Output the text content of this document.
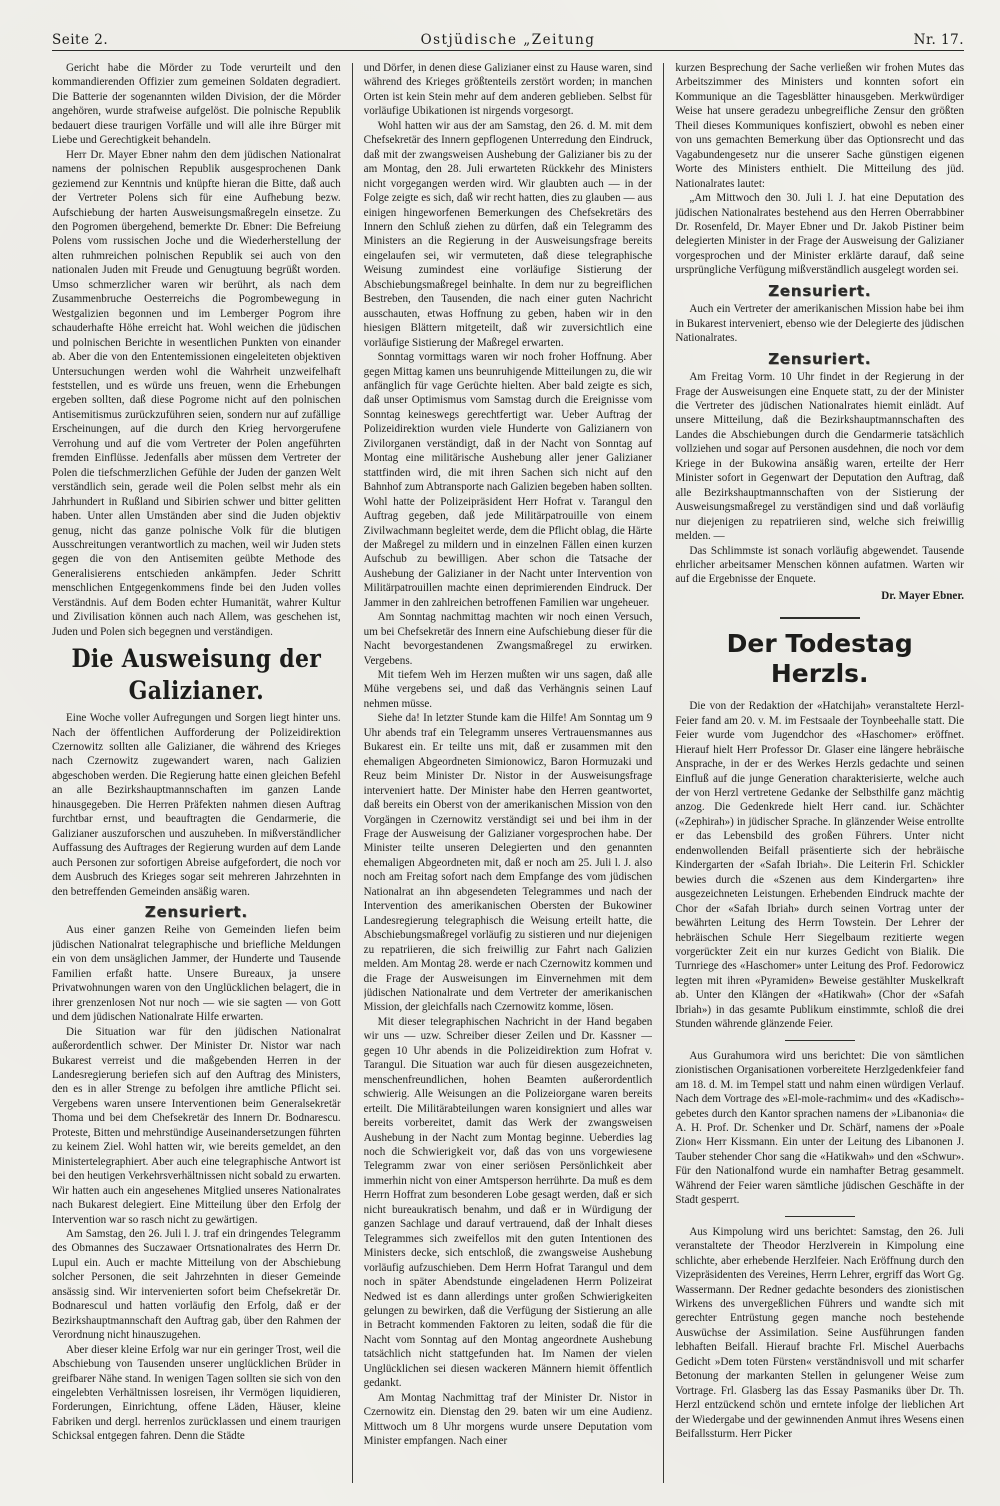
Seite 2.	Ostjüdische „Zeitung	Nr. 17.

Gericht habe die Mörder zu Tode verurteilt und den kommandierenden Offizier zum gemeinen Soldaten degradiert. Die Batterie der sogenannten wilden Division, der die Mörder angehören, wurde strafweise aufgelöst. Die polnische Republik bedauert diese traurigen Vorfälle und will alle ihre Bürger mit Liebe und Gerechtigkeit behandeln.

Herr Dr. Mayer Ebner nahm den dem jüdischen Nationalrat namens der polnischen Republik ausgesprochenen Dank geziemend zur Kenntnis und knüpfte hieran die Bitte, daß auch der Vertreter Polens sich für eine Aufhebung bezw. Aufschiebung der harten Ausweisungsmaßregeln einsetze. Zu den Pogromen übergehend, bemerkte Dr. Ebner: Die Befreiung Polens vom russischen Joche und die Wiederherstellung der alten ruhmreichen polnischen Republik sei auch von den nationalen Juden mit Freude und Genugtuung begrüßt worden. Umso schmerzlicher waren wir berührt, als nach dem Zusammenbruche Oesterreichs die Pogrombewegung in Westgalizien begonnen und im Lemberger Pogrom ihre schauderhafte Höhe erreicht hat. Wohl weichen die jüdischen und polnischen Berichte in wesentlichen Punkten von einander ab. Aber die von den Ententemissionen eingeleiteten objektiven Untersuchungen werden wohl die Wahrheit unzweifelhaft feststellen, und es würde uns freuen, wenn die Erhebungen ergeben sollten, daß diese Pogrome nicht auf den polnischen Antisemitismus zurückzuführen seien, sondern nur auf zufällige Erscheinungen, auf die durch den Krieg hervorgerufene Verrohung und auf die vom Vertreter der Polen angeführten fremden Einflüsse. Jedenfalls aber müssen dem Vertreter der Polen die tiefschmerzlichen Gefühle der Juden der ganzen Welt verständlich sein, gerade weil die Polen selbst mehr als ein Jahrhundert in Rußland und Sibirien schwer und bitter gelitten haben. Unter allen Umständen aber sind die Juden objektiv genug, nicht das ganze polnische Volk für die blutigen Ausschreitungen verantwortlich zu machen, weil wir Juden stets gegen die von den Antisemiten geübte Methode des Generalisierens entschieden ankämpfen. Jeder Schritt menschlichen Entgegenkommens finde bei den Juden volles Verständnis. Auf dem Boden echter Humanität, wahrer Kultur und Zivilisation können auch nach Allem, was geschehen ist, Juden und Polen sich begegnen und verständigen.

Die Ausweisung der Galizianer.

Eine Woche voller Aufregungen und Sorgen liegt hinter uns. Nach der öffentlichen Aufforderung der Polizeidirektion Czernowitz sollten alle Galizianer, die während des Krieges nach Czernowitz zugewandert waren, nach Galizien abgeschoben werden. Die Regierung hatte einen gleichen Befehl an alle Bezirkshauptmannschaften im ganzen Lande hinausgegeben. Die Herren Präfekten nahmen diesen Auftrag furchtbar ernst, und beauftragten die Gendarmerie, die Galizianer auszuforschen und auszuheben. In mißverständlicher Auffassung des Auftrages der Regierung wurden auf dem Lande auch Personen zur sofortigen Abreise aufgefordert, die noch vor dem Ausbruch des Krieges sogar seit mehreren Jahrzehnten in den betreffenden Gemeinden ansäßig waren.

Zensuriert.

Aus einer ganzen Reihe von Gemeinden liefen beim jüdischen Nationalrat telegraphische und briefliche Meldungen ein von dem unsäglichen Jammer, der Hunderte und Tausende Familien erfaßt hatte. Unsere Bureaux, ja unsere Privatwohnungen waren von den Unglücklichen belagert, die in ihrer grenzenlosen Not nur noch — wie sie sagten — von Gott und dem jüdischen Nationalrate Hilfe erwarten.

Die Situation war für den jüdischen Nationalrat außerordentlich schwer. Der Minister Dr. Nistor war nach Bukarest verreist und die maßgebenden Herren in der Landesregierung beriefen sich auf den Auftrag des Ministers, den es in aller Strenge zu befolgen ihre amtliche Pflicht sei. Vergebens waren unsere Interventionen beim Generalsekretär Thoma und bei dem Chefsekretär des Innern Dr. Bodnarescu. Proteste, Bitten und mehrstündige Auseinandersetzungen führten zu keinem Ziel. Wohl hatten wir, wie bereits gemeldet, an den Ministertelegraphiert. Aber auch eine telegraphische Antwort ist bei den heutigen Verkehrsverhältnissen nicht sobald zu erwarten. Wir hatten auch ein angesehenes Mitglied unseres Nationalrates nach Bukarest delegiert. Eine Mitteilung über den Erfolg der Intervention war so rasch nicht zu gewärtigen.

Am Samstag, den 26. Juli l. J. traf ein dringendes Telegramm des Obmannes des Suczawaer Ortsnationalrates des Herrn Dr. Lupul ein. Auch er machte Mitteilung von der Abschiebung solcher Personen, die seit Jahrzehnten in dieser Gemeinde ansässig sind. Wir intervenierten sofort beim Chefsekretär Dr. Bodnarescul und hatten vorläufig den Erfolg, daß er der Bezirkshauptmannschaft den Auftrag gab, über den Rahmen der Verordnung nicht hinauszugehen.

Aber dieser kleine Erfolg war nur ein geringer Trost, weil die Abschiebung von Tausenden unserer unglücklichen Brüder in greifbarer Nähe stand. In wenigen Tagen sollten sie sich von den eingelebten Verhältnissen losreisen, ihr Vermögen liquidieren, Forderungen, Einrichtung, offene Läden, Häuser, kleine Fabriken und dergl. herrenlos zurücklassen und einem traurigen Schicksal entgegen fahren. Denn die Städte

und Dörfer, in denen diese Galizianer einst zu Hause waren, sind während des Krieges größtenteils zerstört worden; in manchen Orten ist kein Stein mehr auf dem anderen geblieben. Selbst für vorläufige Ubikationen ist nirgends vorgesorgt.

Wohl hatten wir aus der am Samstag, den 26. d. M. mit dem Chefsekretär des Innern gepflogenen Unterredung den Eindruck, daß mit der zwangsweisen Aushebung der Galizianer bis zu der am Montag, den 28. Juli erwarteten Rückkehr des Ministers nicht vorgegangen werden wird. Wir glaubten auch — in der Folge zeigte es sich, daß wir recht hatten, dies zu glauben — aus einigen hingeworfenen Bemerkungen des Chefsekretärs des Innern den Schluß ziehen zu dürfen, daß ein Telegramm des Ministers an die Regierung in der Ausweisungsfrage bereits eingelaufen sei, wir vermuteten, daß diese telegraphische Weisung zumindest eine vorläufige Sistierung der Abschiebungsmaßregel beinhalte. In dem nur zu begreiflichen Bestreben, den Tausenden, die nach einer guten Nachricht ausschauten, etwas Hoffnung zu geben, haben wir in den hiesigen Blättern mitgeteilt, daß wir zuversichtlich eine vorläufige Sistierung der Maßregel erwarten.

Sonntag vormittags waren wir noch froher Hoffnung. Aber gegen Mittag kamen uns beunruhigende Mitteilungen zu, die wir anfänglich für vage Gerüchte hielten. Aber bald zeigte es sich, daß unser Optimismus vom Samstag durch die Ereignisse vom Sonntag keineswegs gerechtfertigt war. Ueber Auftrag der Polizeidirektion wurden viele Hunderte von Galizianern von Zivilorganen verständigt, daß in der Nacht von Sonntag auf Montag eine militärische Aushebung aller jener Galizianer stattfinden wird, die mit ihren Sachen sich nicht auf den Bahnhof zum Abtransporte nach Galizien begeben haben sollten. Wohl hatte der Polizeipräsident Herr Hofrat v. Tarangul den Auftrag gegeben, daß jede Militärpatrouille von einem Zivilwachmann begleitet werde, dem die Pflicht oblag, die Härte der Maßregel zu mildern und in einzelnen Fällen einen kurzen Aufschub zu bewilligen. Aber schon die Tatsache der Aushebung der Galizianer in der Nacht unter Intervention von Militärpatrouillen machte einen deprimierenden Eindruck. Der Jammer in den zahlreichen betroffenen Familien war ungeheuer.

Am Sonntag nachmittag machten wir noch einen Versuch, um bei Chefsekretär des Innern eine Aufschiebung dieser für die Nacht bevorgestandenen Zwangsmaßregel zu erwirken. Vergebens.

Mit tiefem Weh im Herzen mußten wir uns sagen, daß alle Mühe vergebens sei, und daß das Verhängnis seinen Lauf nehmen müsse.

Siehe da! In letzter Stunde kam die Hilfe! Am Sonntag um 9 Uhr abends traf ein Telegramm unseres Vertrauensmannes aus Bukarest ein. Er teilte uns mit, daß er zusammen mit den ehemaligen Abgeordneten Simionowicz, Baron Hormuzaki und Reuz beim Minister Dr. Nistor in der Ausweisungsfrage interveniert hatte. Der Minister habe den Herren geantwortet, daß bereits ein Oberst von der amerikanischen Mission von den Vorgängen in Czernowitz verständigt sei und bei ihm in der Frage der Ausweisung der Galizianer vorgesprochen habe. Der Minister teilte unseren Delegierten und den genannten ehemaligen Abgeordneten mit, daß er noch am 25. Juli l. J. also noch am Freitag sofort nach dem Empfange des vom jüdischen Nationalrat an ihn abgesendeten Telegrammes und nach der Intervention des amerikanischen Obersten der Bukowiner Landesregierung telegraphisch die Weisung erteilt hatte, die Abschiebungsmaßregel vorläufig zu sistieren und nur diejenigen zu repatriieren, die sich freiwillig zur Fahrt nach Galizien melden. Am Montag 28. werde er nach Czernowitz kommen und die Frage der Ausweisungen im Einvernehmen mit dem jüdischen Nationalrate und dem Vertreter der amerikanischen Mission, der gleichfalls nach Czernowitz komme, lösen.

Mit dieser telegraphischen Nachricht in der Hand begaben wir uns — uzw. Schreiber dieser Zeilen und Dr. Kassner — gegen 10 Uhr abends in die Polizeidirektion zum Hofrat v. Tarangul. Die Situation war auch für diesen ausgezeichneten, menschenfreundlichen, hohen Beamten außerordentlich schwierig. Alle Weisungen an die Polizeiorgane waren bereits erteilt. Die Militärabteilungen waren konsigniert und alles war bereits vorbereitet, damit das Werk der zwangsweisen Aushebung in der Nacht zum Montag beginne. Ueberdies lag noch die Schwierigkeit vor, daß das von uns vorgewiesene Telegramm zwar von einer seriösen Persönlichkeit aber immerhin nicht von einer Amtsperson herrührte. Da muß es dem Herrn Hoffrat zum besonderen Lobe gesagt werden, daß er sich nicht bureaukratisch benahm, und daß er in Würdigung der ganzen Sachlage und darauf vertrauend, daß der Inhalt dieses Telegrammes sich zweifellos mit den guten Intentionen des Ministers decke, sich entschloß, die zwangsweise Aushebung vorläufig aufzuschieben. Dem Herrn Hofrat Tarangul und dem noch in später Abendstunde eingeladenen Herrn Polizeirat Nedwed ist es dann allerdings unter großen Schwierigkeiten gelungen zu bewirken, daß die Verfügung der Sistierung an alle in Betracht kommenden Faktoren zu leiten, sodaß die für die Nacht vom Sonntag auf den Montag angeordnete Aushebung tatsächlich nicht stattgefunden hat. Im Namen der vielen Unglücklichen sei diesen wackeren Männern hiemit öffentlich gedankt.

Am Montag Nachmittag traf der Minister Dr. Nistor in Czernowitz ein. Dienstag den 29. baten wir um eine Audienz. Mittwoch um 8 Uhr morgens wurde unsere Deputation vom Minister empfangen. Nach einer

kurzen Besprechung der Sache verließen wir frohen Mutes das Arbeitszimmer des Ministers und konnten sofort ein Kommunique an die Tagesblätter hinausgeben. Merkwürdiger Weise hat unsere geradezu unbegreifliche Zensur den größten Theil dieses Kommuniques konfisziert, obwohl es neben einer von uns gemachten Bemerkung über das Optionsrecht und das Vagabundengesetz nur die unserer Sache günstigen eigenen Worte des Ministers enthielt. Die Mitteilung des jüd. Nationalrates lautet:

„Am Mittwoch den 30. Juli l. J. hat eine Deputation des jüdischen Nationalrates bestehend aus den Herren Oberrabbiner Dr. Rosenfeld, Dr. Mayer Ebner und Dr. Jakob Pistiner beim delegierten Minister in der Frage der Ausweisung der Galizianer vorgesprochen und der Minister erklärte darauf, daß seine ursprüngliche Verfügung mißverständlich ausgelegt worden sei.

Zensuriert.

Auch ein Vertreter der amerikanischen Mission habe bei ihm in Bukarest interveniert, ebenso wie der Delegierte des jüdischen Nationalrates.

Zensuriert.

Am Freitag Vorm. 10 Uhr findet in der Regierung in der Frage der Ausweisungen eine Enquete statt, zu der der Minister die Vertreter des jüdischen Nationalrates hiemit einlädt. Auf unsere Mitteilung, daß die Bezirkshauptmannschaften des Landes die Abschiebungen durch die Gendarmerie tatsächlich vollziehen und sogar auf Personen ausdehnen, die noch vor dem Kriege in der Bukowina ansäßig waren, erteilte der Herr Minister sofort in Gegenwart der Deputation den Auftrag, daß alle Bezirkshauptmannschaften von der Sistierung der Ausweisungsmaßregel zu verständigen sind und daß vorläufig nur diejenigen zu repatriieren sind, welche sich freiwillig melden. —

Das Schlimmste ist sonach vorläufig abgewendet. Tausende ehrlicher arbeitsamer Menschen können aufatmen. Warten wir auf die Ergebnisse der Enquete.

Dr. Mayer Ebner.
Der Todestag Herzls.

Die von der Redaktion der «Hatchijah» veranstaltete Herzl-Feier fand am 20. v. M. im Festsaale der Toynbeehalle statt. Die Feier wurde vom Jugendchor des «Haschomer» eröffnet. Hierauf hielt Herr Professor Dr. Glaser eine längere hebräische Ansprache, in der er des Werkes Herzls gedachte und seinen Einfluß auf die junge Generation charakterisierte, welche auch der von Herzl vertretene Gedanke der Selbsthilfe ganz mächtig anzog. Die Gedenkrede hielt Herr cand. iur. Schächter («Zephirah») in jüdischer Sprache. In glänzender Weise entrollte er das Lebensbild des großen Führers. Unter nicht endenwollenden Beifall präsentierte sich der hebräische Kindergarten der «Safah Ibriah». Die Leiterin Frl. Schickler bewies durch die «Szenen aus dem Kindergarten» ihre ausgezeichneten Leistungen. Erhebenden Eindruck machte der Chor der «Safah Ibriah» durch seinen Vortrag unter der bewährten Leitung des Herrn Towstein. Der Lehrer der hebräischen Schule Herr Siegelbaum rezitierte wegen vorgerückter Zeit ein nur kurzes Gedicht von Bialik. Die Turnriege des «Haschomer» unter Leitung des Prof. Fedorowicz legten mit ihren «Pyramiden» Beweise gestählter Muskelkraft ab. Unter den Klängen der «Hatikwah» (Chor der «Safah Ibriah») in das gesamte Publikum einstimmte, schloß die drei Stunden währende glänzende Feier.

Aus Gurahumora wird uns berichtet: Die von sämtlichen zionistischen Organisationen vorbereitete Herzlgedenkfeier fand am 18. d. M. im Tempel statt und nahm einen würdigen Verlauf. Nach dem Vortrage des »El-mole-rachmim« und des «Kadisch»-gebetes durch den Kantor sprachen namens der »Libanonia« die A. H. Prof. Dr. Schenker und Dr. Schärf, namens der »Poale Zion« Herr Kissmann. Ein unter der Leitung des Libanonen J. Tauber stehender Chor sang die «Hatikwah» und den «Schwur». Für den Nationalfond wurde ein namhafter Betrag gesammelt. Während der Feier waren sämtliche jüdischen Geschäfte in der Stadt gesperrt.

Aus Kimpolung wird uns berichtet: Samstag, den 26. Juli veranstaltete der Theodor Herzlverein in Kimpolung eine schlichte, aber erhebende Herzlfeier. Nach Eröffnung durch den Vizepräsidenten des Vereines, Herrn Lehrer, ergriff das Wort Gg. Wassermann. Der Redner gedachte besonders des zionistischen Wirkens des unvergeßlichen Führers und wandte sich mit gerechter Entrüstung gegen manche noch bestehende Auswüchse der Assimilation. Seine Ausführungen fanden lebhaften Beifall. Hierauf brachte Frl. Mischel Auerbachs Gedicht »Dem toten Fürsten« verständnisvoll und mit scharfer Betonung der markanten Stellen in gelungener Weise zum Vortrage. Frl. Glasberg las das Essay Pasmaniks über Dr. Th. Herzl entzückend schön und erntete infolge der lieblichen Art der Wiedergabe und der gewinnenden Anmut ihres Wesens einen Beifallssturm. Herr Picker
